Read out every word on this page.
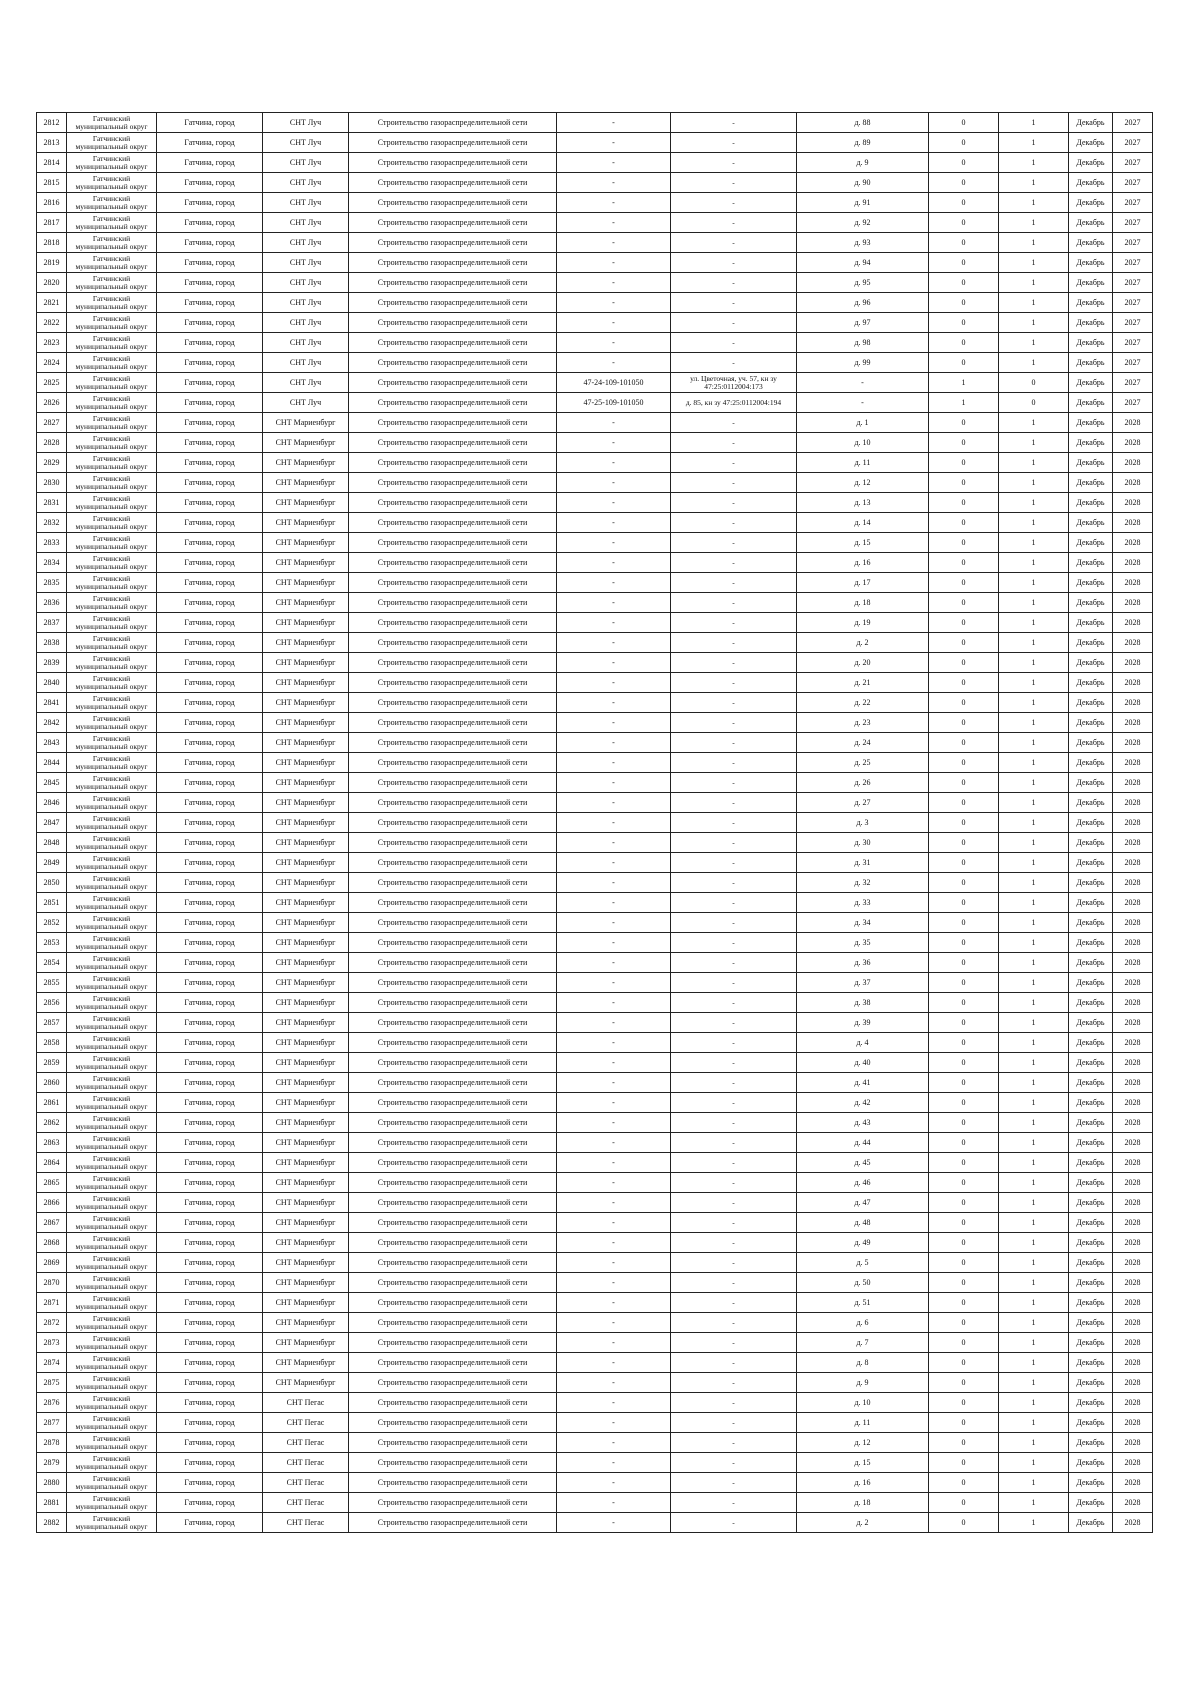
2812	Гатчинский муниципальный округ	Гатчина, город	СНТ Луч	Строительство газораспределительной сети	-	-	д. 88	0	1	Декабрь	2027
2813	Гатчинский муниципальный округ	Гатчина, город	СНТ Луч	Строительство газораспределительной сети	-	-	д. 89	0	1	Декабрь	2027
2814	Гатчинский муниципальный округ	Гатчина, город	СНТ Луч	Строительство газораспределительной сети	-	-	д. 9	0	1	Декабрь	2027
2815	Гатчинский муниципальный округ	Гатчина, город	СНТ Луч	Строительство газораспределительной сети	-	-	д. 90	0	1	Декабрь	2027
2816	Гатчинский муниципальный округ	Гатчина, город	СНТ Луч	Строительство газораспределительной сети	-	-	д. 91	0	1	Декабрь	2027
2817	Гатчинский муниципальный округ	Гатчина, город	СНТ Луч	Строительство газораспределительной сети	-	-	д. 92	0	1	Декабрь	2027
2818	Гатчинский муниципальный округ	Гатчина, город	СНТ Луч	Строительство газораспределительной сети	-	-	д. 93	0	1	Декабрь	2027
2819	Гатчинский муниципальный округ	Гатчина, город	СНТ Луч	Строительство газораспределительной сети	-	-	д. 94	0	1	Декабрь	2027
2820	Гатчинский муниципальный округ	Гатчина, город	СНТ Луч	Строительство газораспределительной сети	-	-	д. 95	0	1	Декабрь	2027
2821	Гатчинский муниципальный округ	Гатчина, город	СНТ Луч	Строительство газораспределительной сети	-	-	д. 96	0	1	Декабрь	2027
2822	Гатчинский муниципальный округ	Гатчина, город	СНТ Луч	Строительство газораспределительной сети	-	-	д. 97	0	1	Декабрь	2027
2823	Гатчинский муниципальный округ	Гатчина, город	СНТ Луч	Строительство газораспределительной сети	-	-	д. 98	0	1	Декабрь	2027
2824	Гатчинский муниципальный округ	Гатчина, город	СНТ Луч	Строительство газораспределительной сети	-	-	д. 99	0	1	Декабрь	2027
2825	Гатчинский муниципальный округ	Гатчина, город	СНТ Луч	Строительство газораспределительной сети	47-24-109-101050	ул. Цветочная, уч. 57, кн зу 47:25:0112004:173	-	1	0	Декабрь	2027
2826	Гатчинский муниципальный округ	Гатчина, город	СНТ Луч	Строительство газораспределительной сети	47-25-109-101050	д. 85, кн зу 47:25:0112004:194	-	1	0	Декабрь	2027
2827	Гатчинский муниципальный округ	Гатчина, город	СНТ Мариенбург	Строительство газораспределительной сети	-	-	д. 1	0	1	Декабрь	2028
2828	Гатчинский муниципальный округ	Гатчина, город	СНТ Мариенбург	Строительство газораспределительной сети	-	-	д. 10	0	1	Декабрь	2028
2829	Гатчинский муниципальный округ	Гатчина, город	СНТ Мариенбург	Строительство газораспределительной сети	-	-	д. 11	0	1	Декабрь	2028
2830	Гатчинский муниципальный округ	Гатчина, город	СНТ Мариенбург	Строительство газораспределительной сети	-	-	д. 12	0	1	Декабрь	2028
2831	Гатчинский муниципальный округ	Гатчина, город	СНТ Мариенбург	Строительство газораспределительной сети	-	-	д. 13	0	1	Декабрь	2028
2832	Гатчинский муниципальный округ	Гатчина, город	СНТ Мариенбург	Строительство газораспределительной сети	-	-	д. 14	0	1	Декабрь	2028
2833	Гатчинский муниципальный округ	Гатчина, город	СНТ Мариенбург	Строительство газораспределительной сети	-	-	д. 15	0	1	Декабрь	2028
2834	Гатчинский муниципальный округ	Гатчина, город	СНТ Мариенбург	Строительство газораспределительной сети	-	-	д. 16	0	1	Декабрь	2028
2835	Гатчинский муниципальный округ	Гатчина, город	СНТ Мариенбург	Строительство газораспределительной сети	-	-	д. 17	0	1	Декабрь	2028
2836	Гатчинский муниципальный округ	Гатчина, город	СНТ Мариенбург	Строительство газораспределительной сети	-	-	д. 18	0	1	Декабрь	2028
2837	Гатчинский муниципальный округ	Гатчина, город	СНТ Мариенбург	Строительство газораспределительной сети	-	-	д. 19	0	1	Декабрь	2028
2838	Гатчинский муниципальный округ	Гатчина, город	СНТ Мариенбург	Строительство газораспределительной сети	-	-	д. 2	0	1	Декабрь	2028
2839	Гатчинский муниципальный округ	Гатчина, город	СНТ Мариенбург	Строительство газораспределительной сети	-	-	д. 20	0	1	Декабрь	2028
2840	Гатчинский муниципальный округ	Гатчина, город	СНТ Мариенбург	Строительство газораспределительной сети	-	-	д. 21	0	1	Декабрь	2028
2841	Гатчинский муниципальный округ	Гатчина, город	СНТ Мариенбург	Строительство газораспределительной сети	-	-	д. 22	0	1	Декабрь	2028
2842	Гатчинский муниципальный округ	Гатчина, город	СНТ Мариенбург	Строительство газораспределительной сети	-	-	д. 23	0	1	Декабрь	2028
2843	Гатчинский муниципальный округ	Гатчина, город	СНТ Мариенбург	Строительство газораспределительной сети	-	-	д. 24	0	1	Декабрь	2028
2844	Гатчинский муниципальный округ	Гатчина, город	СНТ Мариенбург	Строительство газораспределительной сети	-	-	д. 25	0	1	Декабрь	2028
2845	Гатчинский муниципальный округ	Гатчина, город	СНТ Мариенбург	Строительство газораспределительной сети	-	-	д. 26	0	1	Декабрь	2028
2846	Гатчинский муниципальный округ	Гатчина, город	СНТ Мариенбург	Строительство газораспределительной сети	-	-	д. 27	0	1	Декабрь	2028
2847	Гатчинский муниципальный округ	Гатчина, город	СНТ Мариенбург	Строительство газораспределительной сети	-	-	д. 3	0	1	Декабрь	2028
2848	Гатчинский муниципальный округ	Гатчина, город	СНТ Мариенбург	Строительство газораспределительной сети	-	-	д. 30	0	1	Декабрь	2028
2849	Гатчинский муниципальный округ	Гатчина, город	СНТ Мариенбург	Строительство газораспределительной сети	-	-	д. 31	0	1	Декабрь	2028
2850	Гатчинский муниципальный округ	Гатчина, город	СНТ Мариенбург	Строительство газораспределительной сети	-	-	д. 32	0	1	Декабрь	2028
2851	Гатчинский муниципальный округ	Гатчина, город	СНТ Мариенбург	Строительство газораспределительной сети	-	-	д. 33	0	1	Декабрь	2028
2852	Гатчинский муниципальный округ	Гатчина, город	СНТ Мариенбург	Строительство газораспределительной сети	-	-	д. 34	0	1	Декабрь	2028
2853	Гатчинский муниципальный округ	Гатчина, город	СНТ Мариенбург	Строительство газораспределительной сети	-	-	д. 35	0	1	Декабрь	2028
2854	Гатчинский муниципальный округ	Гатчина, город	СНТ Мариенбург	Строительство газораспределительной сети	-	-	д. 36	0	1	Декабрь	2028
2855	Гатчинский муниципальный округ	Гатчина, город	СНТ Мариенбург	Строительство газораспределительной сети	-	-	д. 37	0	1	Декабрь	2028
2856	Гатчинский муниципальный округ	Гатчина, город	СНТ Мариенбург	Строительство газораспределительной сети	-	-	д. 38	0	1	Декабрь	2028
2857	Гатчинский муниципальный округ	Гатчина, город	СНТ Мариенбург	Строительство газораспределительной сети	-	-	д. 39	0	1	Декабрь	2028
2858	Гатчинский муниципальный округ	Гатчина, город	СНТ Мариенбург	Строительство газораспределительной сети	-	-	д. 4	0	1	Декабрь	2028
2859	Гатчинский муниципальный округ	Гатчина, город	СНТ Мариенбург	Строительство газораспределительной сети	-	-	д. 40	0	1	Декабрь	2028
2860	Гатчинский муниципальный округ	Гатчина, город	СНТ Мариенбург	Строительство газораспределительной сети	-	-	д. 41	0	1	Декабрь	2028
2861	Гатчинский муниципальный округ	Гатчина, город	СНТ Мариенбург	Строительство газораспределительной сети	-	-	д. 42	0	1	Декабрь	2028
2862	Гатчинский муниципальный округ	Гатчина, город	СНТ Мариенбург	Строительство газораспределительной сети	-	-	д. 43	0	1	Декабрь	2028
2863	Гатчинский муниципальный округ	Гатчина, город	СНТ Мариенбург	Строительство газораспределительной сети	-	-	д. 44	0	1	Декабрь	2028
2864	Гатчинский муниципальный округ	Гатчина, город	СНТ Мариенбург	Строительство газораспределительной сети	-	-	д. 45	0	1	Декабрь	2028
2865	Гатчинский муниципальный округ	Гатчина, город	СНТ Мариенбург	Строительство газораспределительной сети	-	-	д. 46	0	1	Декабрь	2028
2866	Гатчинский муниципальный округ	Гатчина, город	СНТ Мариенбург	Строительство газораспределительной сети	-	-	д. 47	0	1	Декабрь	2028
2867	Гатчинский муниципальный округ	Гатчина, город	СНТ Мариенбург	Строительство газораспределительной сети	-	-	д. 48	0	1	Декабрь	2028
2868	Гатчинский муниципальный округ	Гатчина, город	СНТ Мариенбург	Строительство газораспределительной сети	-	-	д. 49	0	1	Декабрь	2028
2869	Гатчинский муниципальный округ	Гатчина, город	СНТ Мариенбург	Строительство газораспределительной сети	-	-	д. 5	0	1	Декабрь	2028
2870	Гатчинский муниципальный округ	Гатчина, город	СНТ Мариенбург	Строительство газораспределительной сети	-	-	д. 50	0	1	Декабрь	2028
2871	Гатчинский муниципальный округ	Гатчина, город	СНТ Мариенбург	Строительство газораспределительной сети	-	-	д. 51	0	1	Декабрь	2028
2872	Гатчинский муниципальный округ	Гатчина, город	СНТ Мариенбург	Строительство газораспределительной сети	-	-	д. 6	0	1	Декабрь	2028
2873	Гатчинский муниципальный округ	Гатчина, город	СНТ Мариенбург	Строительство газораспределительной сети	-	-	д. 7	0	1	Декабрь	2028
2874	Гатчинский муниципальный округ	Гатчина, город	СНТ Мариенбург	Строительство газораспределительной сети	-	-	д. 8	0	1	Декабрь	2028
2875	Гатчинский муниципальный округ	Гатчина, город	СНТ Мариенбург	Строительство газораспределительной сети	-	-	д. 9	0	1	Декабрь	2028
2876	Гатчинский муниципальный округ	Гатчина, город	СНТ Пегас	Строительство газораспределительной сети	-	-	д. 10	0	1	Декабрь	2028
2877	Гатчинский муниципальный округ	Гатчина, город	СНТ Пегас	Строительство газораспределительной сети	-	-	д. 11	0	1	Декабрь	2028
2878	Гатчинский муниципальный округ	Гатчина, город	СНТ Пегас	Строительство газораспределительной сети	-	-	д. 12	0	1	Декабрь	2028
2879	Гатчинский муниципальный округ	Гатчина, город	СНТ Пегас	Строительство газораспределительной сети	-	-	д. 15	0	1	Декабрь	2028
2880	Гатчинский муниципальный округ	Гатчина, город	СНТ Пегас	Строительство газораспределительной сети	-	-	д. 16	0	1	Декабрь	2028
2881	Гатчинский муниципальный округ	Гатчина, город	СНТ Пегас	Строительство газораспределительной сети	-	-	д. 18	0	1	Декабрь	2028
2882	Гатчинский муниципальный округ	Гатчина, город	СНТ Пегас	Строительство газораспределительной сети	-	-	д. 2	0	1	Декабрь	2028
